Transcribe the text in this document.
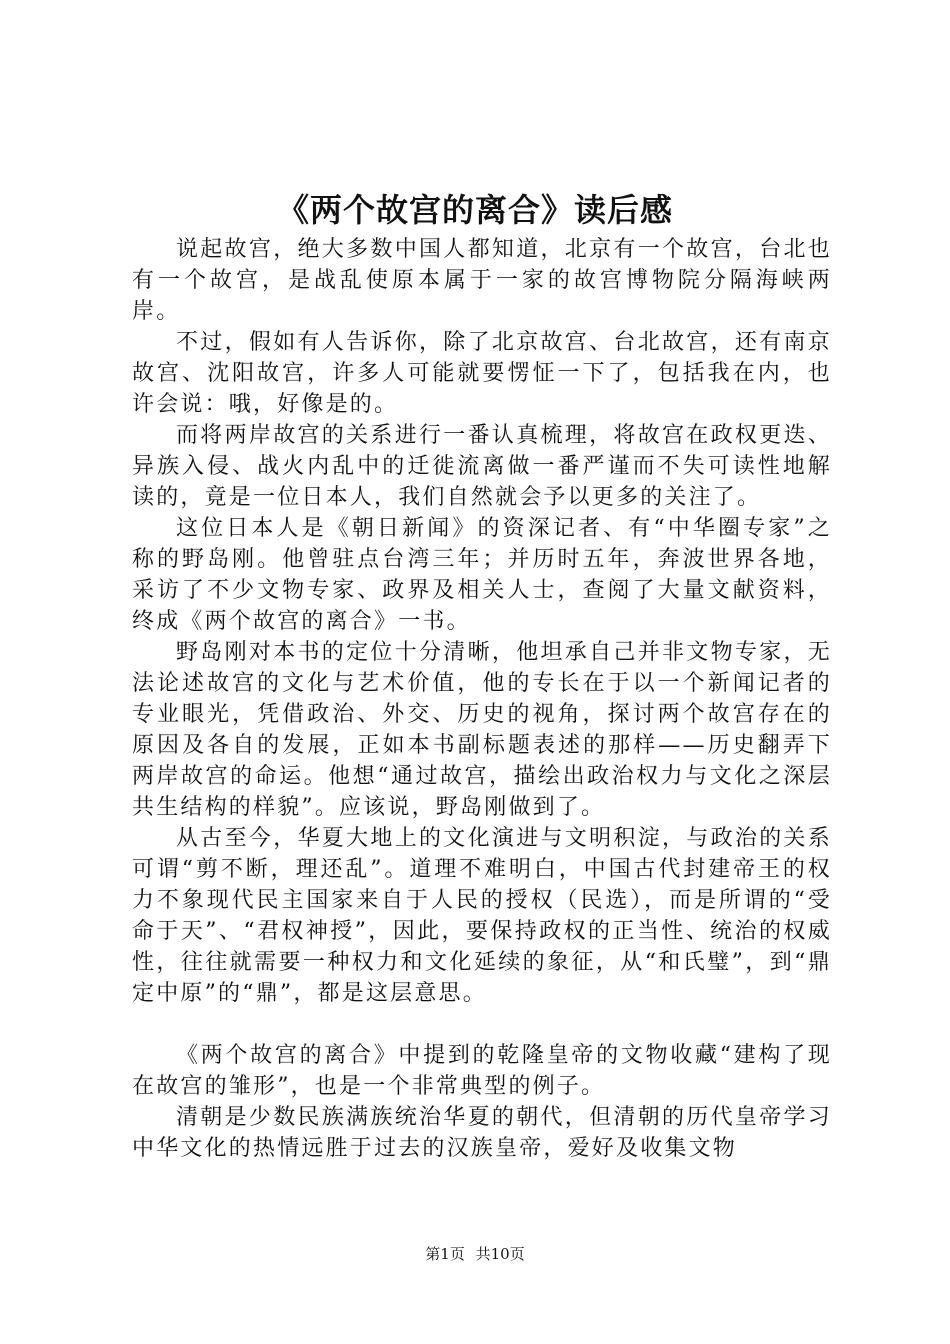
《两个故宫的离合》读后感

说起故宫，绝大多数中国人都知道，北京有一个故宫，台北也有一个故宫，是战乱使原本属于一家的故宫博物院分隔海峡两岸。

不过，假如有人告诉你，除了北京故宫、台北故宫，还有南京故宫、沈阳故宫，许多人可能就要愣怔一下了，包括我在内，也许会说：哦，好像是的。

而将两岸故宫的关系进行一番认真梳理，将故宫在政权更迭、异族入侵、战火内乱中的迁徙流离做一番严谨而不失可读性地解读的，竟是一位日本人，我们自然就会予以更多的关注了。

这位日本人是《朝日新闻》的资深记者、有“中华圈专家”之称的野岛刚。他曾驻点台湾三年；并历时五年，奔波世界各地，采访了不少文物专家、政界及相关人士，查阅了大量文献资料，终成《两个故宫的离合》一书。

野岛刚对本书的定位十分清晰，他坦承自己并非文物专家，无法论述故宫的文化与艺术价值，他的专长在于以一个新闻记者的专业眼光，凭借政治、外交、历史的视角，探讨两个故宫存在的原因及各自的发展，正如本书副标题表述的那样——历史翻弄下两岸故宫的命运。他想“通过故宫，描绘出政治权力与文化之深层共生结构的样貌”。应该说，野岛刚做到了。

从古至今，华夏大地上的文化演进与文明积淀，与政治的关系可谓“剪不断，理还乱”。道理不难明白，中国古代封建帝王的权力不象现代民主国家来自于人民的授权（民选），而是所谓的“受命于天”、“君权神授”，因此，要保持政权的正当性、统治的权威性，往往就需要一种权力和文化延续的象征，从“和氏璧”，到“鼎定中原”的“鼎”，都是这层意思。

《两个故宫的离合》中提到的乾隆皇帝的文物收藏“建构了现在故宫的雏形”，也是一个非常典型的例子。

清朝是少数民族满族统治华夏的朝代，但清朝的历代皇帝学习中华文化的热情远胜于过去的汉族皇帝，爱好及收集文物

第1页 共10页
